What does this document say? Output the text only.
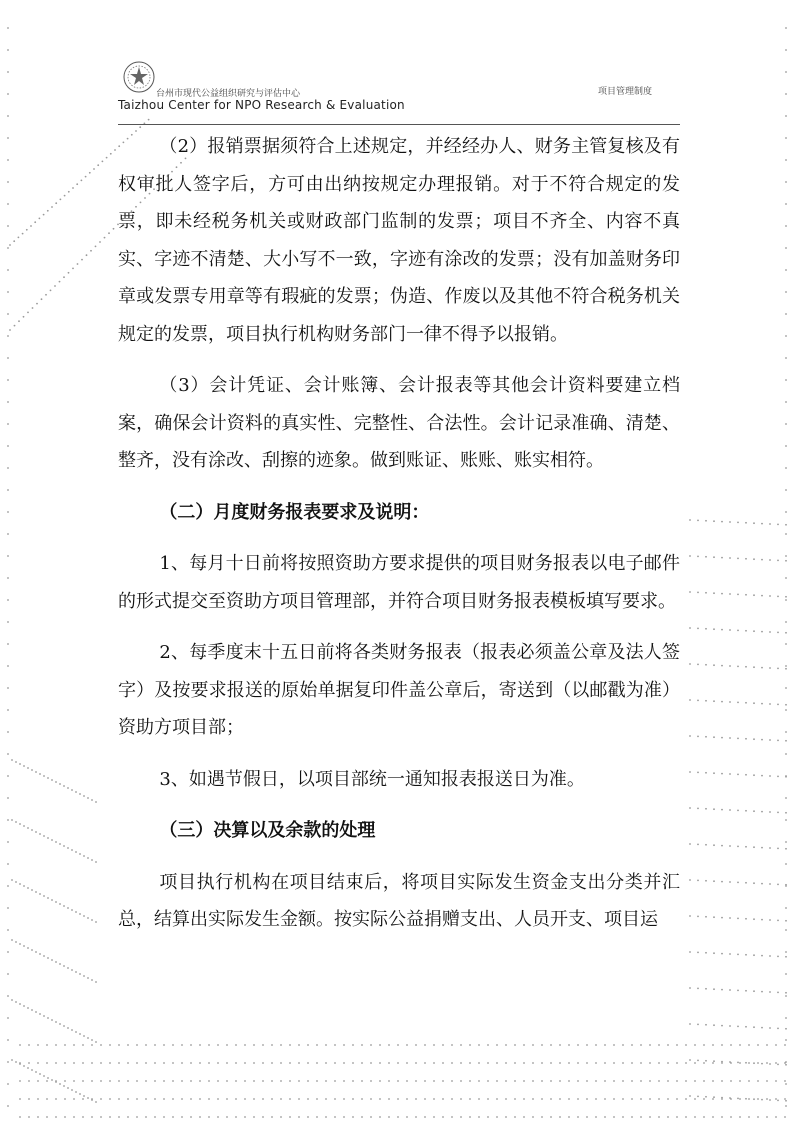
台州市现代公益组织研究与评估中心
Taizhou Center for NPO Research & Evaluation
项目管理制度

（2）报销票据须符合上述规定，并经经办人、财务主管复核及有权审批人签字后，方可由出纳按规定办理报销。对于不符合规定的发票，即未经税务机关或财政部门监制的发票；项目不齐全、内容不真实、字迹不清楚、大小写不一致，字迹有涂改的发票；没有加盖财务印章或发票专用章等有瑕疵的发票；伪造、作废以及其他不符合税务机关规定的发票，项目执行机构财务部门一律不得予以报销。

（3）会计凭证、会计账簿、会计报表等其他会计资料要建立档案，确保会计资料的真实性、完整性、合法性。会计记录准确、清楚、整齐，没有涂改、刮擦的迹象。做到账证、账账、账实相符。

（二）月度财务报表要求及说明：

1、每月十日前将按照资助方要求提供的项目财务报表以电子邮件的形式提交至资助方项目管理部，并符合项目财务报表模板填写要求。

2、每季度末十五日前将各类财务报表（报表必须盖公章及法人签字）及按要求报送的原始单据复印件盖公章后，寄送到（以邮戳为准）资助方项目部；

3、如遇节假日，以项目部统一通知报表报送日为准。

（三）决算以及余款的处理

项目执行机构在项目结束后，将项目实际发生资金支出分类并汇总，结算出实际发生金额。按实际公益捐赠支出、人员开支、项目运
